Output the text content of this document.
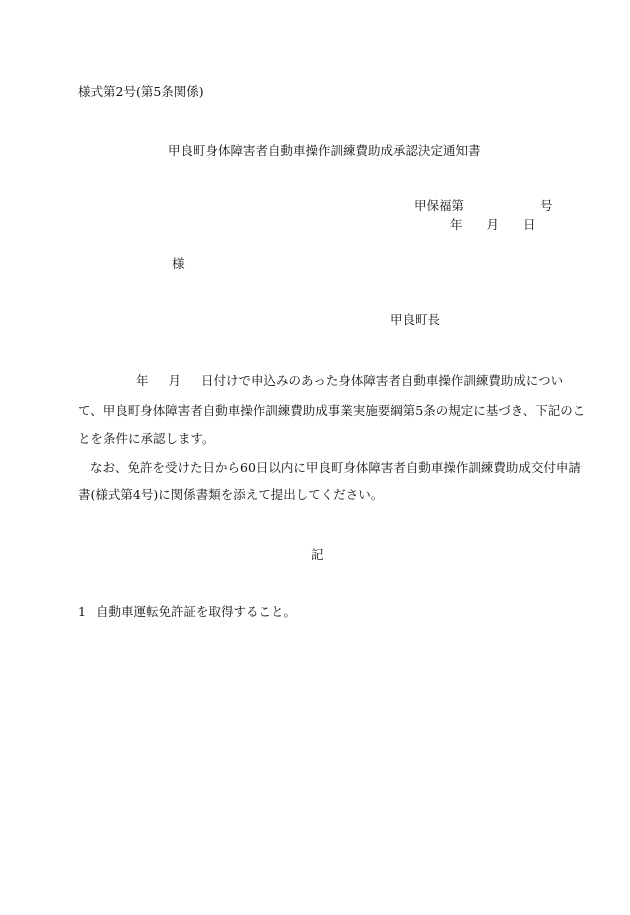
様式第2号(第5条関係)
甲良町身体障害者自動車操作訓練費助成承認決定通知書
甲保福第	号
年 月 日
様
甲良町長
年 月 日付けで申込みのあった身体障害者自動車操作訓練費助成につい
て、甲良町身体障害者自動車操作訓練費助成事業実施要綱第5条の規定に基づき、下記のこ
とを条件に承認します。
なお、免許を受けた日から60日以内に甲良町身体障害者自動車操作訓練費助成交付申請
書(様式第4号)に関係書類を添えて提出してください。
記
1 自動車運転免許証を取得すること。
